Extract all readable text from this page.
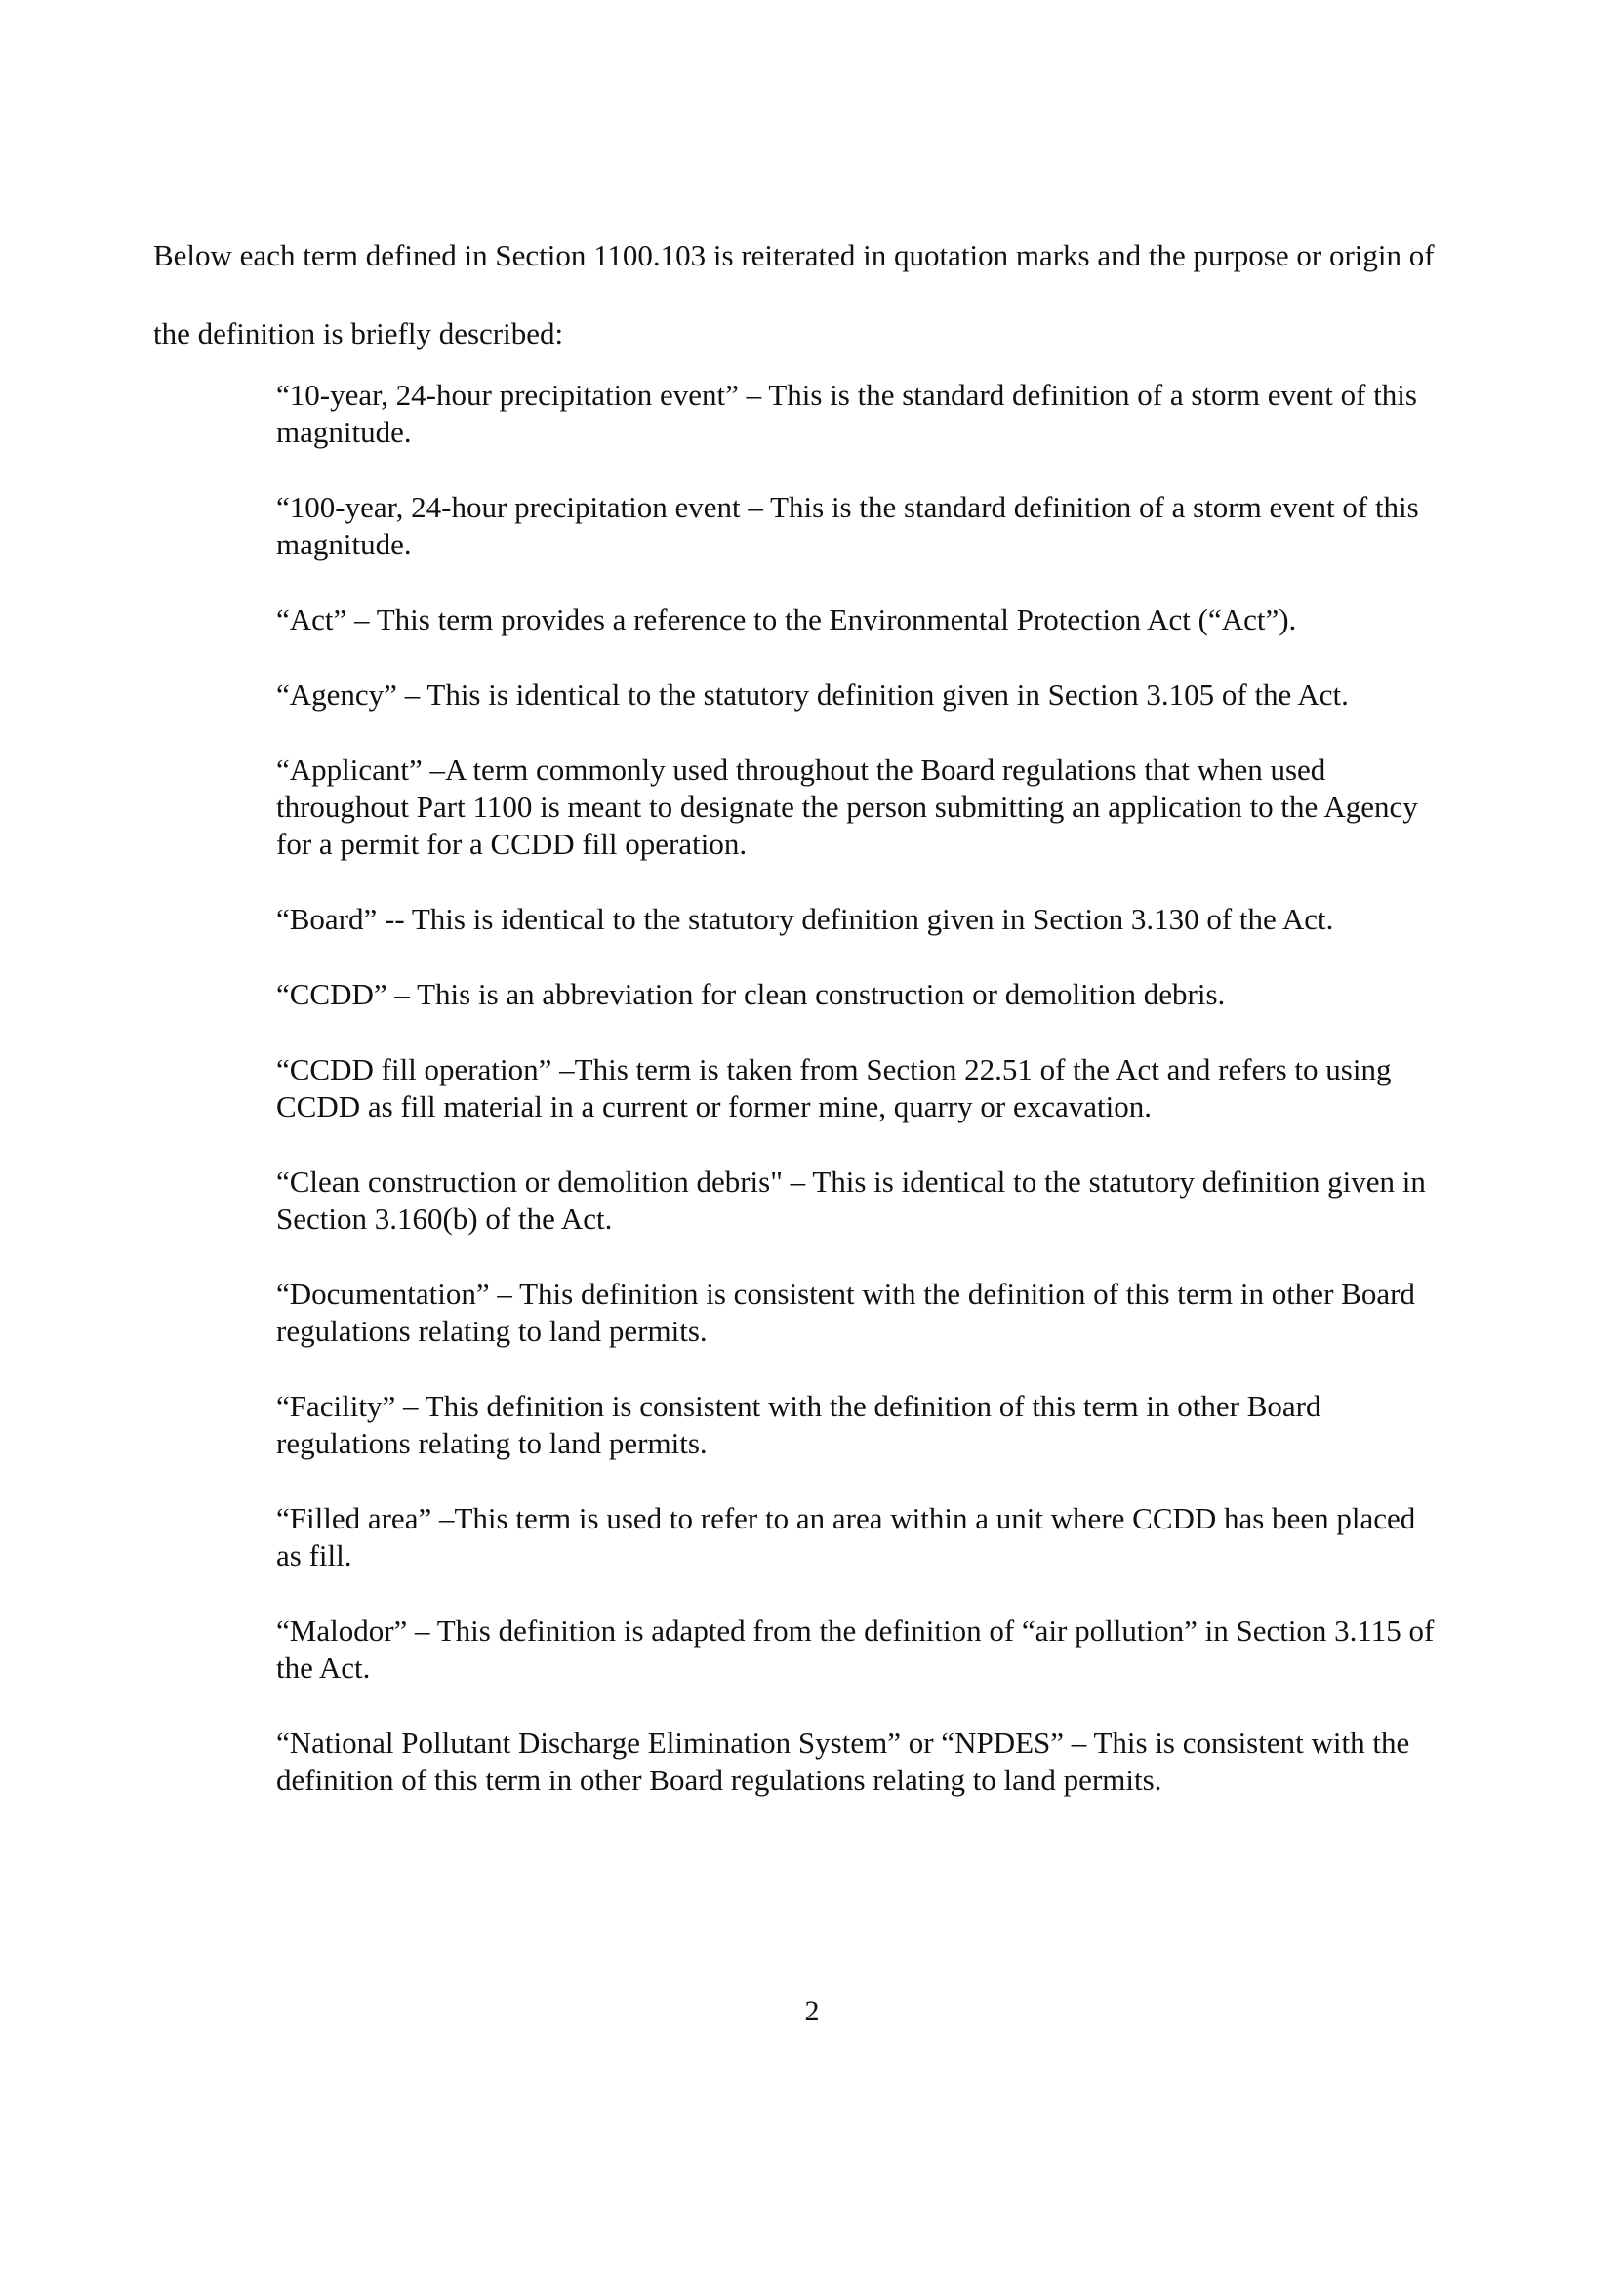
Below each term defined in Section 1100.103 is reiterated in quotation marks and the purpose or origin of the definition is briefly described:

“10-year, 24-hour precipitation event” – This is the standard definition of a storm event of this magnitude.
“100-year, 24-hour precipitation event – This is the standard definition of a storm event of this magnitude.
“Act” – This term provides a reference to the Environmental Protection Act (“Act”).
“Agency” – This is identical to the statutory definition given in Section 3.105 of the Act.
“Applicant” –A term commonly used throughout the Board regulations that when used throughout Part 1100 is meant to designate the person submitting an application to the Agency for a permit for a CCDD fill operation.
“Board” -- This is identical to the statutory definition given in Section 3.130 of the Act.
“CCDD” – This is an abbreviation for clean construction or demolition debris.
“CCDD fill operation” –This term is taken from Section 22.51 of the Act and refers to using CCDD as fill material in a current or former mine, quarry or excavation.
“Clean construction or demolition debris" – This is identical to the statutory definition given in Section 3.160(b) of the Act.
“Documentation” – This definition is consistent with the definition of this term in other Board regulations relating to land permits.
“Facility” – This definition is consistent with the definition of this term in other Board regulations relating to land permits.
“Filled area” –This term is used to refer to an area within a unit where CCDD has been placed as fill.
“Malodor” – This definition is adapted from the definition of “air pollution” in Section 3.115 of the Act.
“National Pollutant Discharge Elimination System” or “NPDES” – This is consistent with the definition of this term in other Board regulations relating to land permits.
2
